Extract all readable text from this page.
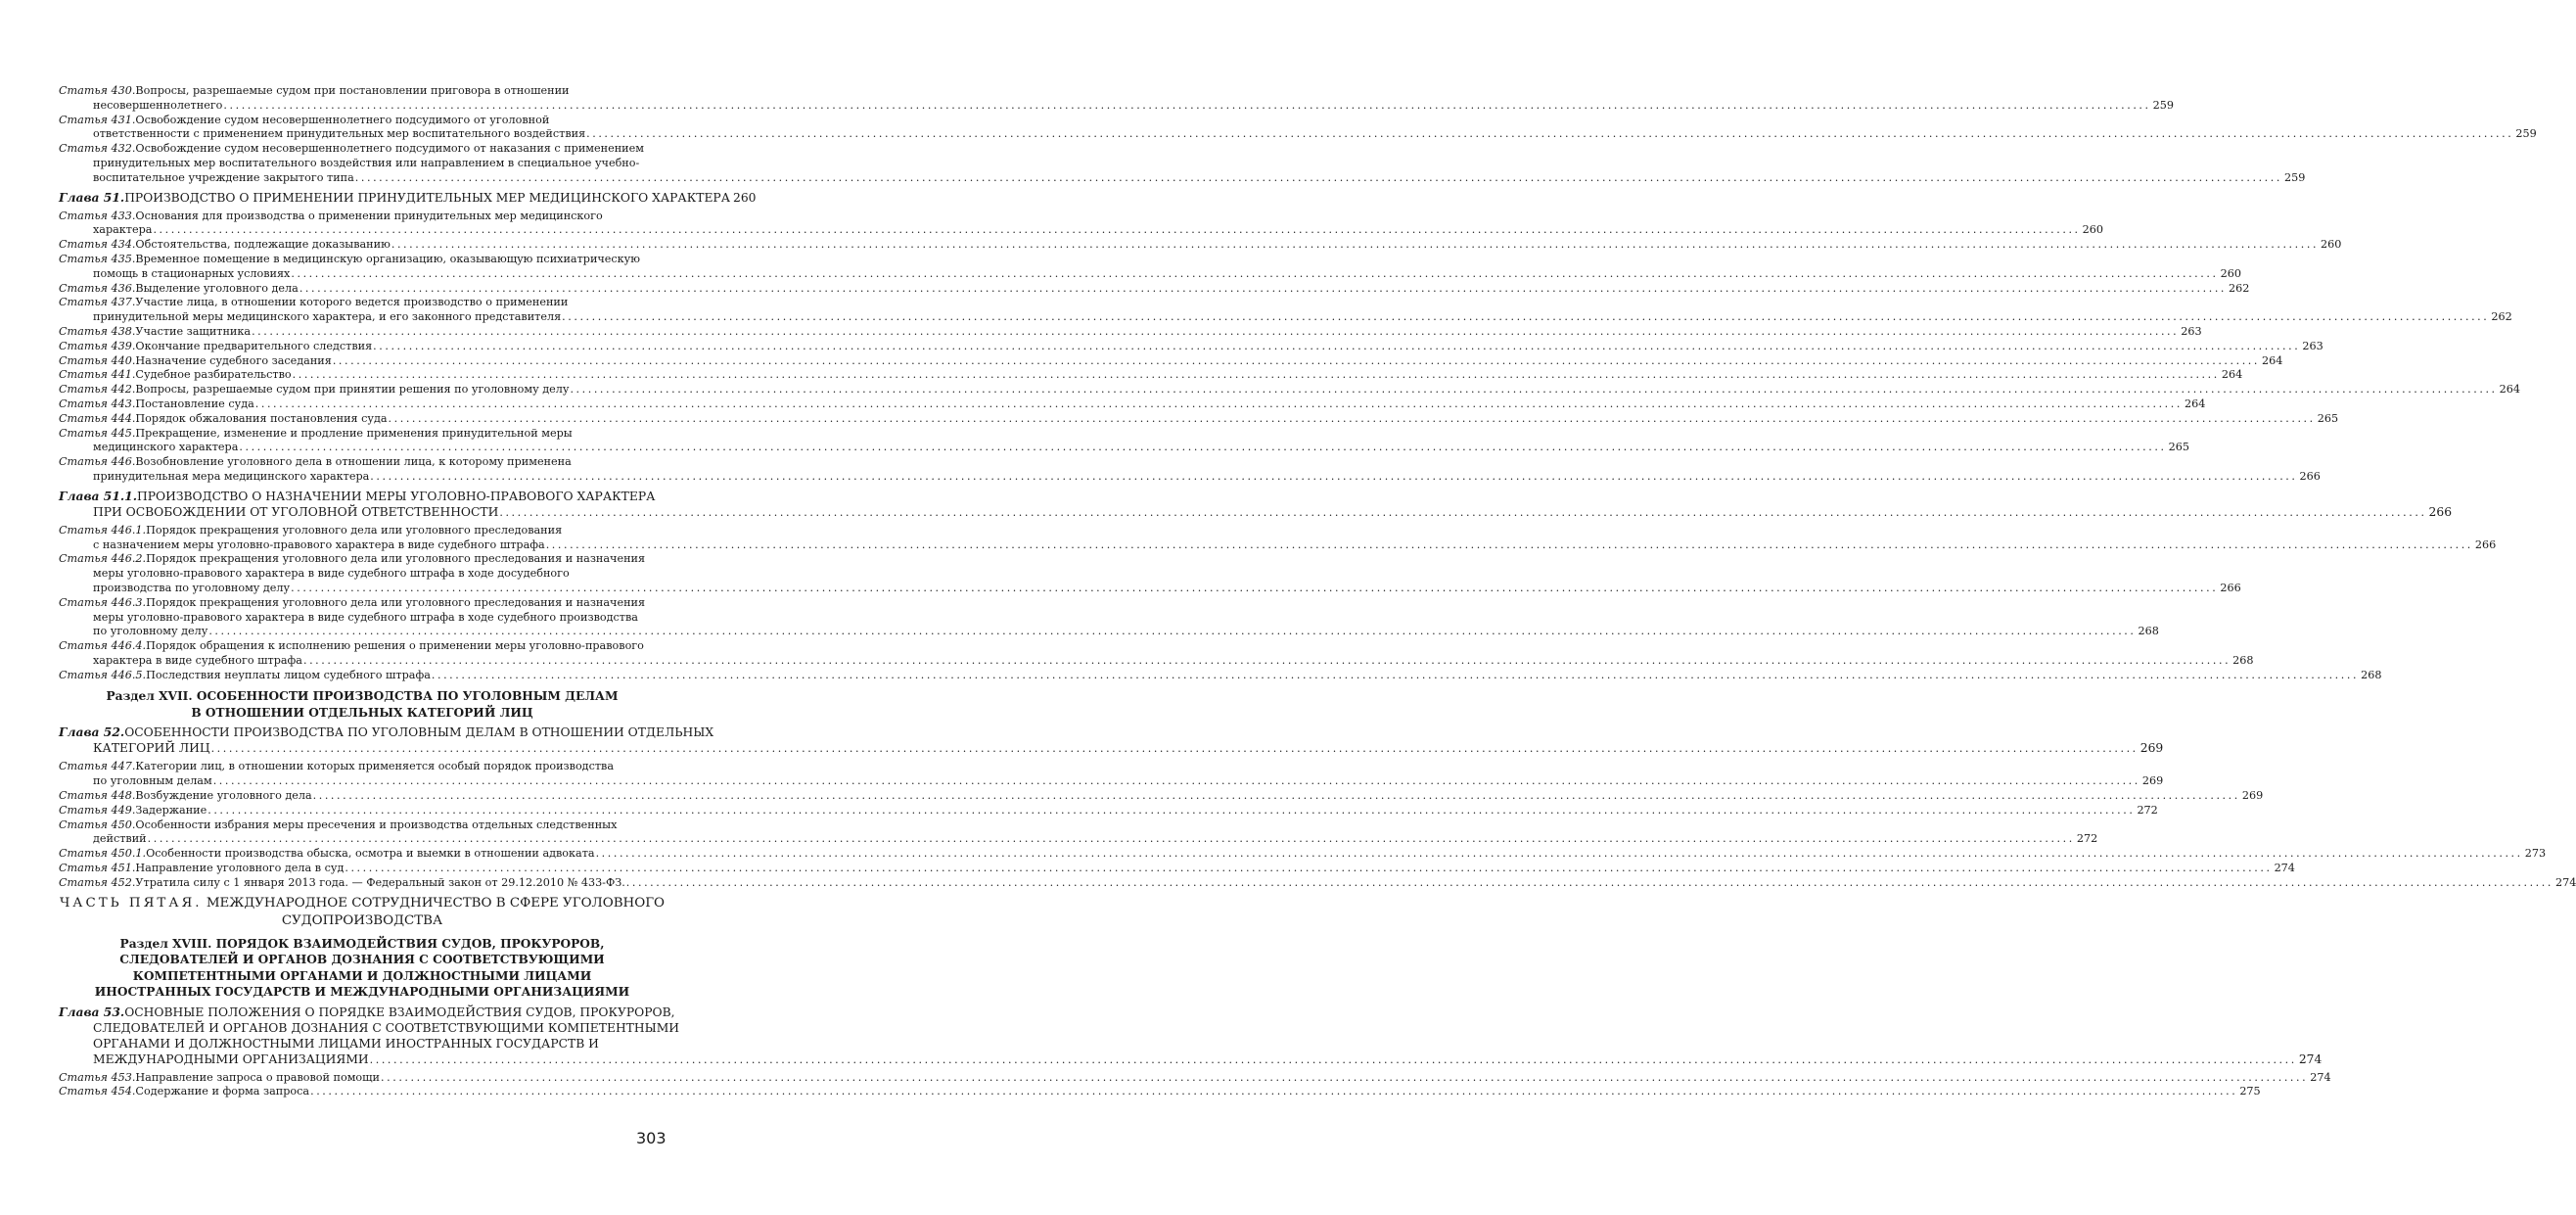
Статья 430. Вопросы, разрешаемые судом при постановлении приговора в отношении
несовершеннолетнего .....	259
Статья 431. Освобождение судом несовершеннолетнего подсудимого от уголовной
ответственности с применением принудительных мер воспитательного воздействия .....	259
Статья 432. Освобождение судом несовершеннолетнего подсудимого от наказания с применением
принудительных мер воспитательного воздействия или направлением в специальное учебно-
воспитательное учреждение закрытого типа .....	259
Глава 51. ПРОИЗВОДСТВО О ПРИМЕНЕНИИ ПРИНУДИТЕЛЬНЫХ МЕР МЕДИЦИНСКОГО ХАРАКТЕРА 260
Статья 433. Основания для производства о применении принудительных мер медицинского
характера .....	260
Статья 434. Обстоятельства, подлежащие доказыванию .....	260
Статья 435. Временное помещение в медицинскую организацию, оказывающую психиатрическую
помощь в стационарных условиях .....	260
Статья 436. Выделение уголовного дела .....	262
Статья 437. Участие лица, в отношении которого ведется производство о применении
принудительной меры медицинского характера, и его законного представителя .....	262
Статья 438. Участие защитника .....	263
Статья 439. Окончание предварительного следствия .....	263
Статья 440. Назначение судебного заседания .....	264
Статья 441. Судебное разбирательство .....	264
Статья 442. Вопросы, разрешаемые судом при принятии решения по уголовному делу .....	264
Статья 443. Постановление суда .....	264
Статья 444. Порядок обжалования постановления суда .....	265
Статья 445. Прекращение, изменение и продление применения принудительной меры
медицинского характера .....	265
Статья 446. Возобновление уголовного дела в отношении лица, к которому применена
принудительная мера медицинского характера .....	266
Глава 51.1. ПРОИЗВОДСТВО О НАЗНАЧЕНИИ МЕРЫ УГОЛОВНО-ПРАВОВОГО ХАРАКТЕРА
ПРИ ОСВОБОЖДЕНИИ ОТ УГОЛОВНОЙ ОТВЕТСТВЕННОСТИ .....	266
Статья 446.1. Порядок прекращения уголовного дела или уголовного преследования
с назначением меры уголовно-правового характера в виде судебного штрафа .....	266
Статья 446.2. Порядок прекращения уголовного дела или уголовного преследования и назначения
меры уголовно-правового характера в виде судебного штрафа в ходе досудебного
производства по уголовному делу .....	266
Статья 446.3. Порядок прекращения уголовного дела или уголовного преследования и назначения
меры уголовно-правового характера в виде судебного штрафа в ходе судебного производства
по уголовному делу .....	268
Статья 446.4. Порядок обращения к исполнению решения о применении меры уголовно-правового
характера в виде судебного штрафа .....	268
Статья 446.5. Последствия неуплаты лицом судебного штрафа .....	268
Раздел XVII. ОСОБЕННОСТИ ПРОИЗВОДСТВА ПО УГОЛОВНЫМ ДЕЛАМ
В ОТНОШЕНИИ ОТДЕЛЬНЫХ КАТЕГОРИЙ ЛИЦ
Глава 52. ОСОБЕННОСТИ ПРОИЗВОДСТВА ПО УГОЛОВНЫМ ДЕЛАМ В ОТНОШЕНИИ ОТДЕЛЬНЫХ
КАТЕГОРИЙ ЛИЦ .....	269
Статья 447. Категории лиц, в отношении которых применяется особый порядок производства
по уголовным делам .....	269
Статья 448. Возбуждение уголовного дела .....	269
Статья 449. Задержание .....	272
Статья 450. Особенности избрания меры пресечения и производства отдельных следственных
действий .....	272
Статья 450.1. Особенности производства обыска, осмотра и выемки в отношении адвоката .....	273
Статья 451. Направление уголовного дела в суд .....	274
Статья 452. Утратила силу с 1 января 2013 года. — Федеральный закон от 29.12.2010 № 433-ФЗ. .....	274
ЧАСТЬ ПЯТАЯ. МЕЖДУНАРОДНОЕ СОТРУДНИЧЕСТВО В СФЕРЕ УГОЛОВНОГО
СУДОПРОИЗВОДСТВА
Раздел XVIII. ПОРЯДОК ВЗАИМОДЕЙСТВИЯ СУДОВ, ПРОКУРОРОВ,
СЛЕДОВАТЕЛЕЙ И ОРГАНОВ ДОЗНАНИЯ С СООТВЕТСТВУЮЩИМИ
КОМПЕТЕНТНЫМИ ОРГАНАМИ И ДОЛЖНОСТНЫМИ ЛИЦАМИ
ИНОСТРАННЫХ ГОСУДАРСТВ И МЕЖДУНАРОДНЫМИ ОРГАНИЗАЦИЯМИ
Глава 53. ОСНОВНЫЕ ПОЛОЖЕНИЯ О ПОРЯДКЕ ВЗАИМОДЕЙСТВИЯ СУДОВ, ПРОКУРОРОВ,
СЛЕДОВАТЕЛЕЙ И ОРГАНОВ ДОЗНАНИЯ С СООТВЕТСТВУЮЩИМИ КОМПЕТЕНТНЫМИ
ОРГАНАМИ И ДОЛЖНОСТНЫМИ ЛИЦАМИ ИНОСТРАННЫХ ГОСУДАРСТВ И
МЕЖДУНАРОДНЫМИ ОРГАНИЗАЦИЯМИ .....	274
Статья 453. Направление запроса о правовой помощи .....	274
Статья 454. Содержание и форма запроса .....	275
303
